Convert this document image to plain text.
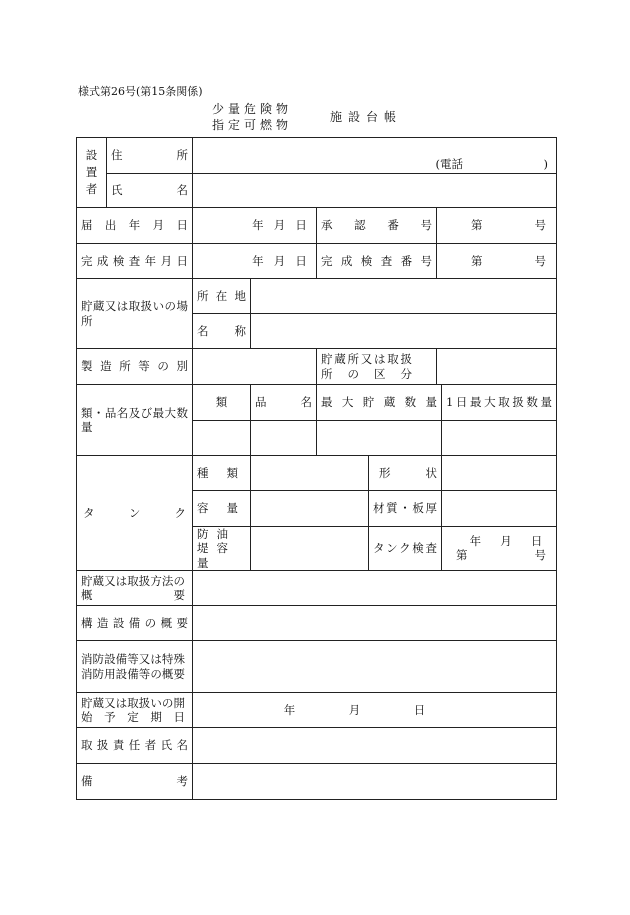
様式第26号(第15条関係)
少量危険物
指定可燃物
施設台帳
設置者	住所	(電話　　　　　　　)					
	氏名						
届出年月日		年 月 日		承認番号		第 号	

完成検査年月日		年 月 日		完成検査番号		第 号	

貯蔵又は取扱いの場所		所在地					
		名称					
製造所等の別				貯蔵所又は取扱所の区分			
類・品名及び最大数量		類	品名	最大貯蔵数量			1日最大取扱数量

タンク		種類			形状		
		容量			材質・板厚		

		防油堤容量			タンク検査		年 月 日
第 号

貯蔵又は取扱方法の概要							

構造設備の概要							

消防設備等又は特殊消防用設備等の概要							

貯蔵又は取扱いの開始予定期日		年 月 日					

取扱責任者氏名							
備考							
